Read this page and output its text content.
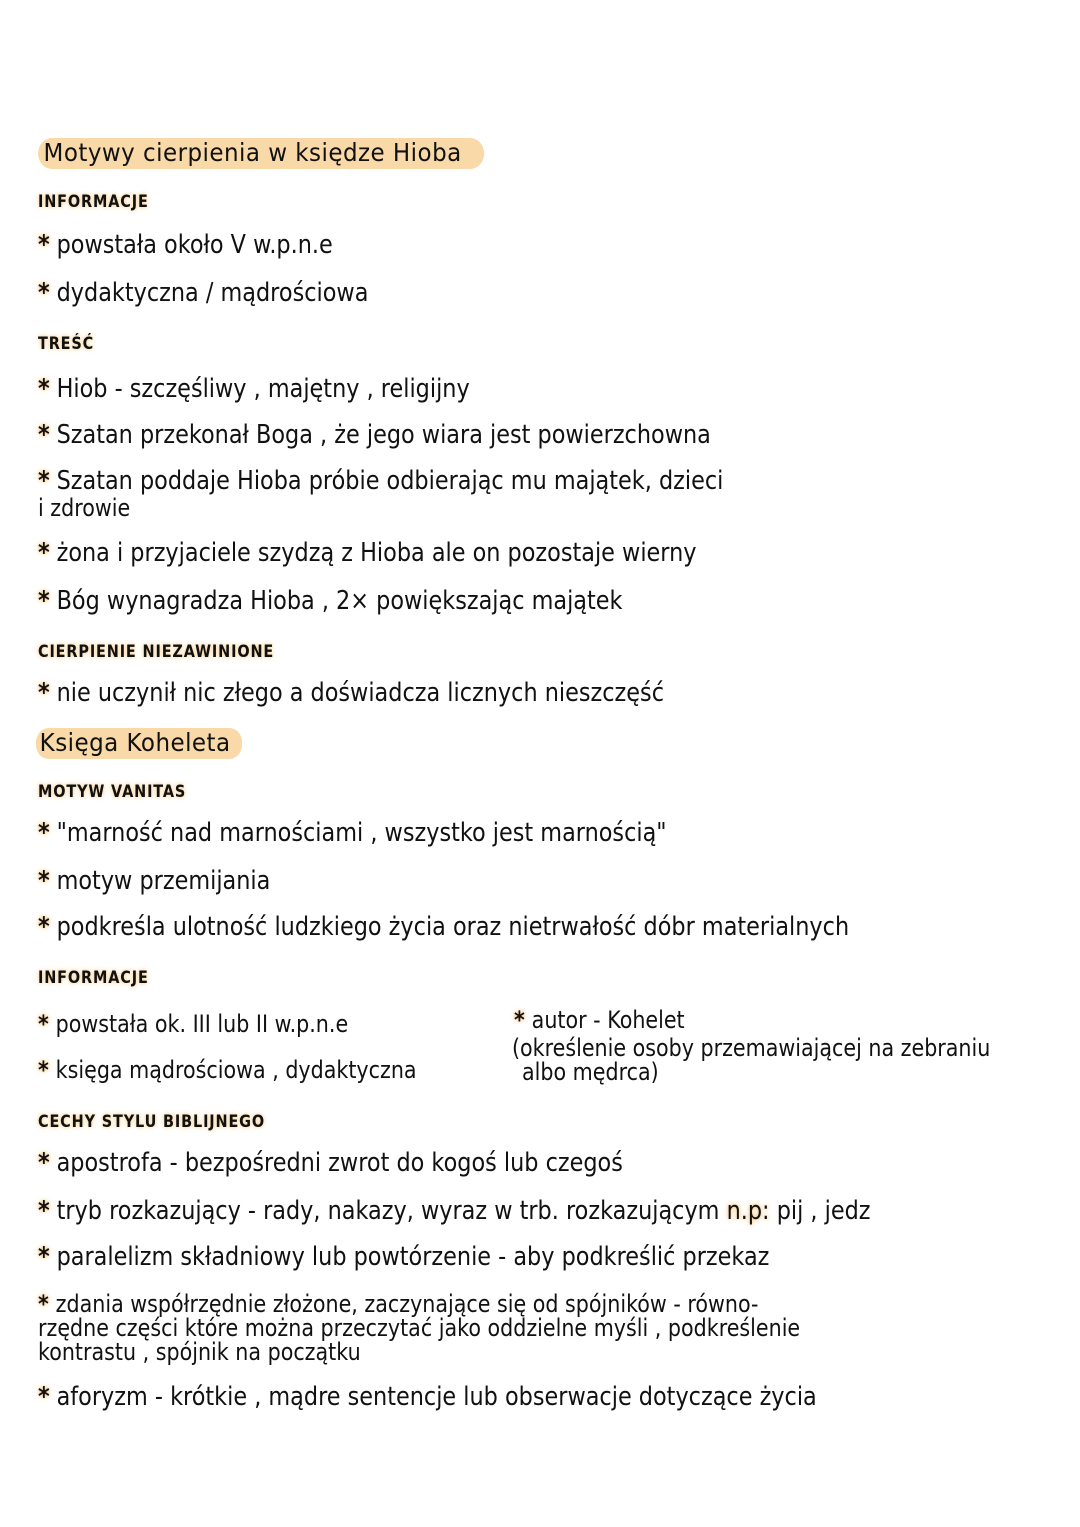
Motywy cierpienia w księdze Hioba
INFORMACJE
* powstała około V w.p.n.e
* dydaktyczna / mądrościowa
TREŚĆ
* Hiob - szczęśliwy , majętny , religijny
* Szatan przekonał Boga , że jego wiara jest powierzchowna
* Szatan poddaje Hioba próbie odbierając mu majątek, dzieci
i zdrowie
* żona i przyjaciele szydzą z Hioba ale on pozostaje wierny
* Bóg wynagradza Hioba , 2× powiększając majątek
CIERPIENIE NIEZAWINIONE
* nie uczynił nic złego a doświadcza licznych nieszczęść
Księga Koheleta
MOTYW VANITAS
* "marność nad marnościami , wszystko jest marnością"
* motyw przemijania
* podkreśla ulotność ludzkiego życia oraz nietrwałość dóbr materialnych
INFORMACJE
* powstała ok. III lub II w.p.n.e
* księga mądrościowa , dydaktyczna
* autor - Kohelet
(określenie osoby przemawiającej na zebraniu
albo mędrca)
CECHY STYLU BIBLIJNEGO
* apostrofa - bezpośredni zwrot do kogoś lub czegoś
* tryb rozkazujący - rady, nakazy, wyraz w trb. rozkazującym n.p: pij , jedz
* paralelizm składniowy lub powtórzenie - aby podkreślić przekaz
* zdania współrzędnie złożone, zaczynające się od spójników - równo-
rzędne części które można przeczytać jako oddzielne myśli , podkreślenie
kontrastu , spójnik na początku
* aforyzm - krótkie , mądre sentencje lub obserwacje dotyczące życia
